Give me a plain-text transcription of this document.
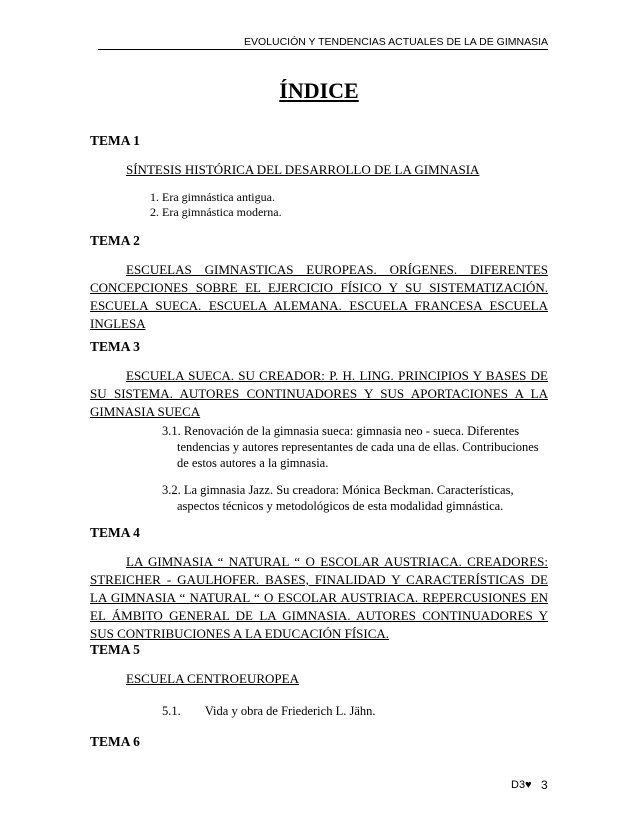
EVOLUCIÓN Y TENDENCIAS ACTUALES DE LA DE GIMNASIA
ÍNDICE
TEMA 1
SÍNTESIS HISTÓRICA DEL DESARROLLO DE LA GIMNASIA
1. Era gimnástica antigua.
2. Era gimnástica moderna.
TEMA 2
ESCUELAS GIMNASTICAS EUROPEAS. ORÍGENES. DIFERENTES CONCEPCIONES SOBRE EL EJERCICIO FÍSICO Y SU SISTEMATIZACIÓN. ESCUELA SUECA. ESCUELA ALEMANA. ESCUELA FRANCESA ESCUELA INGLESA
TEMA 3
ESCUELA SUECA. SU CREADOR: P. H. LING. PRINCIPIOS Y BASES DE SU SISTEMA. AUTORES CONTINUADORES Y SUS APORTACIONES A LA GIMNASIA SUECA
3.1. Renovación de la gimnasia sueca: gimnasia neo - sueca. Diferentes
tendencias y autores representantes de cada una de ellas. Contribuciones de estos autores a la gimnasia.
3.2. La gimnasia Jazz. Su creadora: Mónica Beckman. Características,
aspectos técnicos y metodológicos de esta modalidad gimnástica.
TEMA 4
LA GIMNASIA “ NATURAL “ O ESCOLAR AUSTRIACA. CREADORES: STREICHER - GAULHOFER. BASES, FINALIDAD Y CARACTERÍSTICAS DE LA GIMNASIA “ NATURAL “ O ESCOLAR AUSTRIACA. REPERCUSIONES EN EL ÁMBITO GENERAL DE LA GIMNASIA. AUTORES CONTINUADORES Y SUS CONTRIBUCIONES A LA EDUCACIÓN FÍSICA.
TEMA 5
ESCUELA CENTROEUROPEA
5.1. Vida y obra de Friederich L. Jähn.
TEMA 6
D3♥ 3
